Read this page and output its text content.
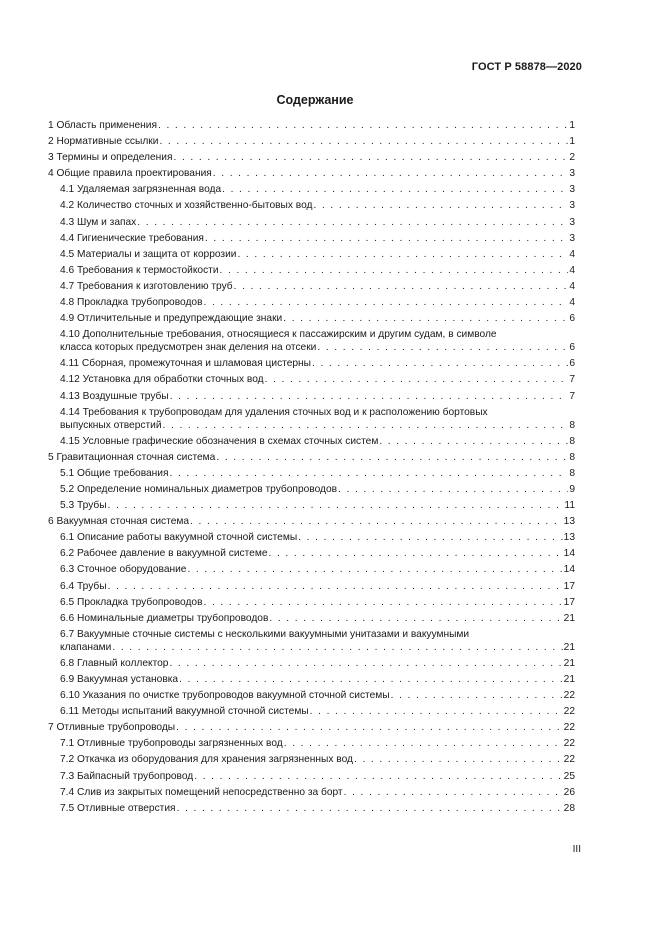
ГОСТ Р 58878—2020
Содержание
1 Область применения . . .	1
2 Нормативные ссылки . . .	1
3 Термины и определения . . .	2
4 Общие правила проектирования . . .	3
4.1 Удаляемая загрязненная вода . . .	3
4.2 Количество сточных и хозяйственно-бытовых вод . . .	3
4.3 Шум и запах . . .	3
4.4 Гигиенические требования . . .	3
4.5 Материалы и защита от коррозии . . .	4
4.6 Требования к термостойкости . . .	4
4.7 Требования к изготовлению труб . . .	4
4.8 Прокладка трубопроводов . . .	4
4.9 Отличительные и предупреждающие знаки . . .	6
4.10 Дополнительные требования, относящиеся к пассажирским и другим судам, в символе
класса которых предусмотрен знак деления на отсеки . . .	6
4.11 Сборная, промежуточная и шламовая цистерны . . .	6
4.12 Установка для обработки сточных вод . . .	7
4.13 Воздушные трубы . . .	7
4.14 Требования к трубопроводам для удаления сточных вод и к расположению бортовых
выпускных отверстий . . .	8
4.15 Условные графические обозначения в схемах сточных систем . . .	8
5 Гравитационная сточная система . . .	8
5.1 Общие требования . . .	8
5.2 Определение номинальных диаметров трубопроводов . . .	9
5.3 Трубы . . .	11
6 Вакуумная сточная система . . .	13
6.1 Описание работы вакуумной сточной системы . . .	13
6.2 Рабочее давление в вакуумной системе . . .	14
6.3 Сточное оборудование . . .	14
6.4 Трубы . . .	17
6.5 Прокладка трубопроводов . . .	17
6.6 Номинальные диаметры трубопроводов . . .	21
6.7 Вакуумные сточные системы с несколькими вакуумными унитазами и вакуумными
клапанами . . .	21
6.8 Главный коллектор . . .	21
6.9 Вакуумная установка . . .	21
6.10 Указания по очистке трубопроводов вакуумной сточной системы . . .	22
6.11 Методы испытаний вакуумной сточной системы . . .	22
7 Отливные трубопроводы . . .	22
7.1 Отливные трубопроводы загрязненных вод . . .	22
7.2 Откачка из оборудования для хранения загрязненных вод . . .	22
7.3 Байпасный трубопровод . . .	25
7.4 Слив из закрытых помещений непосредственно за борт . . .	26
7.5 Отливные отверстия . . .	28
III
